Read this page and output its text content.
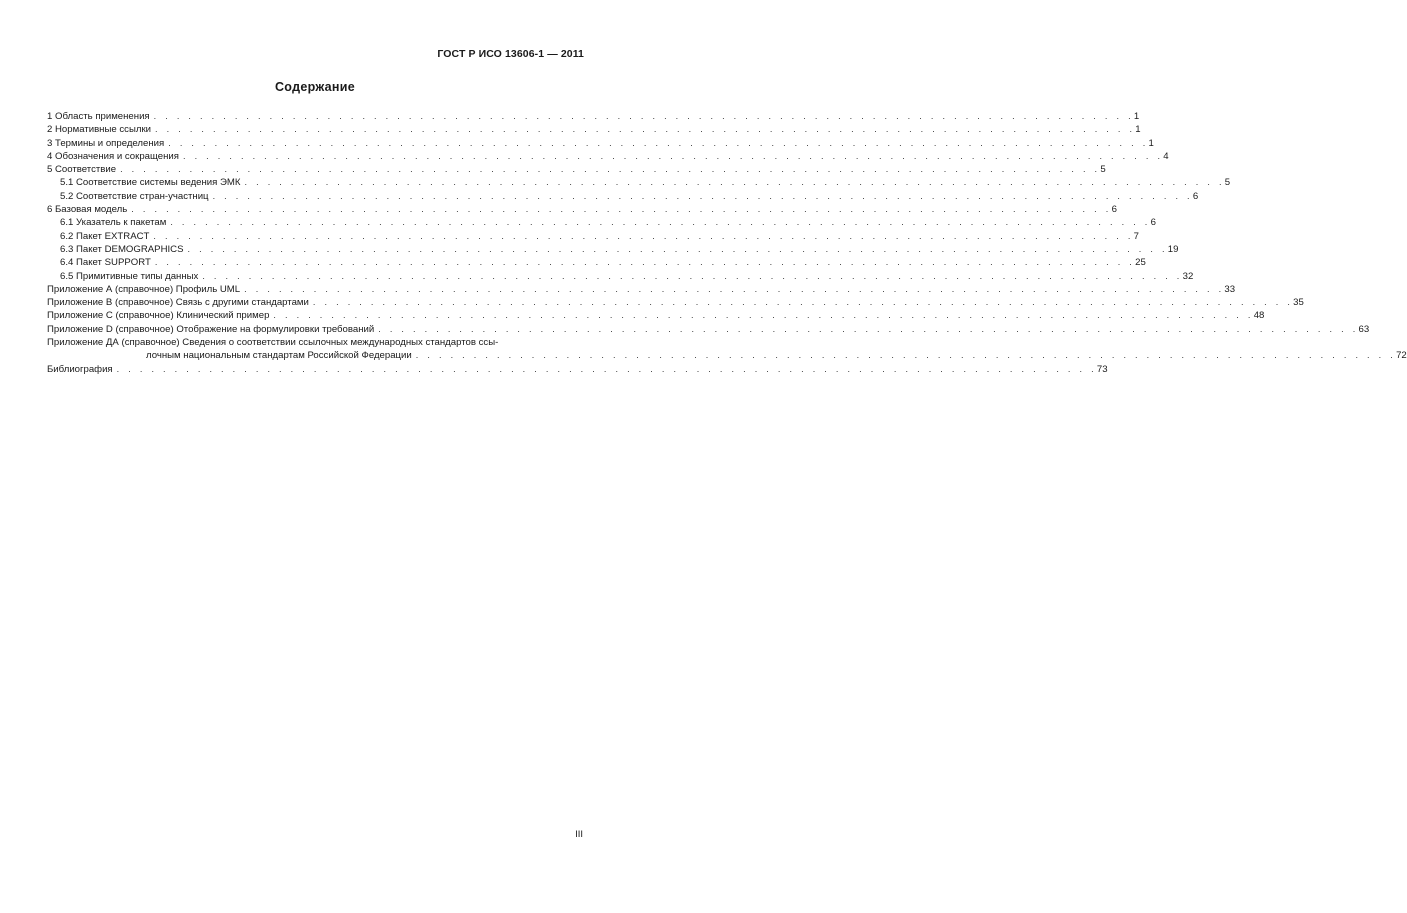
ГОСТ Р ИСО 13606-1 — 2011
Содержание
1 Область применения . . . . . . . . . . . . . . . . . . . . . . . . . . . . . . . . . . . . . . . . . . . . . . . . . . . . . . . . . . . . . . . . . . . . . . . . . . . . . . . . . . . . . 1
2 Нормативные ссылки . . . . . . . . . . . . . . . . . . . . . . . . . . . . . . . . . . . . . . . . . . . . . . . . . . . . . . . . . . . . . . . . . . . . . . . . . . . . . . . . . . . . . 1
3 Термины и определения . . . . . . . . . . . . . . . . . . . . . . . . . . . . . . . . . . . . . . . . . . . . . . . . . . . . . . . . . . . . . . . . . . . . . . . . . . . . . . . . . . . . . 1
4 Обозначения и сокращения . . . . . . . . . . . . . . . . . . . . . . . . . . . . . . . . . . . . . . . . . . . . . . . . . . . . . . . . . . . . . . . . . . . . . . . . . . . . . . . . . . . . . 4
5 Соответствие . . . . . . . . . . . . . . . . . . . . . . . . . . . . . . . . . . . . . . . . . . . . . . . . . . . . . . . . . . . . . . . . . . . . . . . . . . . . . . . . . . . . . 5
5.1 Соответствие системы ведения ЭМК . . . . . . . . . . . . . . . . . . . . . . . . . . . . . . . . . . . . . . . . . . . . . . . . . . . . . . . . . . . . . . . . . . . . . . . . . . . . . . . . . . . . . 5
5.2 Соответствие стран-участниц . . . . . . . . . . . . . . . . . . . . . . . . . . . . . . . . . . . . . . . . . . . . . . . . . . . . . . . . . . . . . . . . . . . . . . . . . . . . . . . . . . . . . 6
6 Базовая модель . . . . . . . . . . . . . . . . . . . . . . . . . . . . . . . . . . . . . . . . . . . . . . . . . . . . . . . . . . . . . . . . . . . . . . . . . . . . . . . . . . . . . 6
6.1 Указатель к пакетам . . . . . . . . . . . . . . . . . . . . . . . . . . . . . . . . . . . . . . . . . . . . . . . . . . . . . . . . . . . . . . . . . . . . . . . . . . . . . . . . . . . . . 6
6.2 Пакет EXTRACT . . . . . . . . . . . . . . . . . . . . . . . . . . . . . . . . . . . . . . . . . . . . . . . . . . . . . . . . . . . . . . . . . . . . . . . . . . . . . . . . . . . . . 7
6.3 Пакет DEMOGRAPHICS . . . . . . . . . . . . . . . . . . . . . . . . . . . . . . . . . . . . . . . . . . . . . . . . . . . . . . . . . . . . . . . . . . . . . . . . . . . . . . . . . . . . . 19
6.4 Пакет SUPPORT . . . . . . . . . . . . . . . . . . . . . . . . . . . . . . . . . . . . . . . . . . . . . . . . . . . . . . . . . . . . . . . . . . . . . . . . . . . . . . . . . . . . . 25
6.5 Примитивные типы данных . . . . . . . . . . . . . . . . . . . . . . . . . . . . . . . . . . . . . . . . . . . . . . . . . . . . . . . . . . . . . . . . . . . . . . . . . . . . . . . . . . . . . 32
Приложение А (справочное) Профиль UML . . . . . . . . . . . . . . . . . . . . . . . . . . . . . . . . . . . . . . . . . . . . . . . . . . . . . . . . . . . . . . . . . . . . . . . . . . . . . . . . . . . . . 33
Приложение В (справочное) Связь с другими стандартами . . . . . . . . . . . . . . . . . . . . . . . . . . . . . . . . . . . . . . . . . . . . . . . . . . . . . . . . . . . . . . . . . . . . . . . . . . . . . . . . . . . . . 35
Приложение С (справочное) Клинический пример . . . . . . . . . . . . . . . . . . . . . . . . . . . . . . . . . . . . . . . . . . . . . . . . . . . . . . . . . . . . . . . . . . . . . . . . . . . . . . . . . . . . . 48
Приложение D (справочное) Отображение на формулировки требований . . . . . . . . . . . . . . . . . . . . . . . . . . . . . . . . . . . . . . . . . . . . . . . . . . . . . . . . . . . . . . . . . . . . . . . . . . . . . . . . . . . . . 63
Приложение ДА (справочное) Сведения о соответствии ссылочных международных стандартов ссы-
лочным национальным стандартам Российской Федерации . . . . . . . . . . . . . . . . . . . . . . . . . . . . . . . . . . . . . . . . . . . . . . . . . . . . . . . . . . . . . . . . . . . . . . . . . . . . . . . . . . . . . 72
Библиография . . . . . . . . . . . . . . . . . . . . . . . . . . . . . . . . . . . . . . . . . . . . . . . . . . . . . . . . . . . . . . . . . . . . . . . . . . . . . . . . . . . . . 73
III
